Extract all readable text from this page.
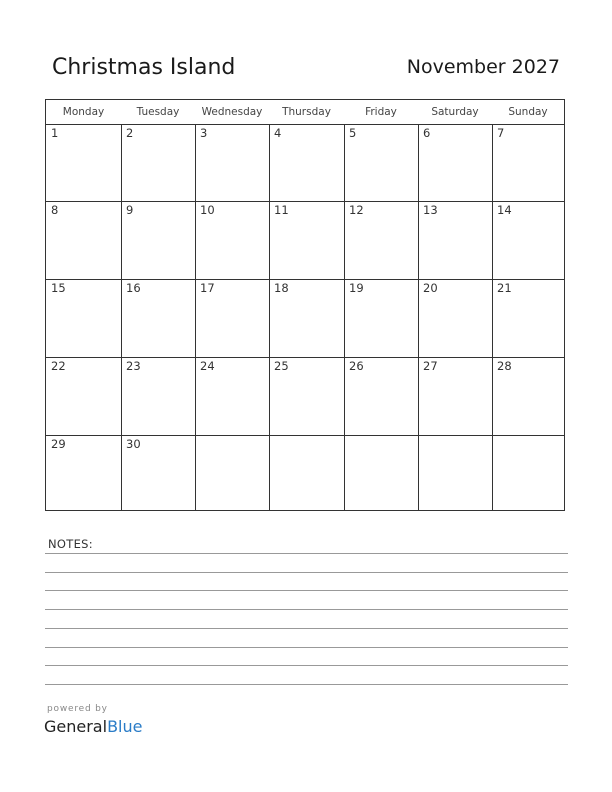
Christmas Island	November 2027
Monday	Tuesday	Wednesday	Thursday	Friday	Saturday	Sunday
1	2	3	4	5	6	7
8	9	10	11	12	13	14
15	16	17	18	19	20	21
22	23	24	25	26	27	28
29	30
NOTES:
powered by
GeneralBlue
